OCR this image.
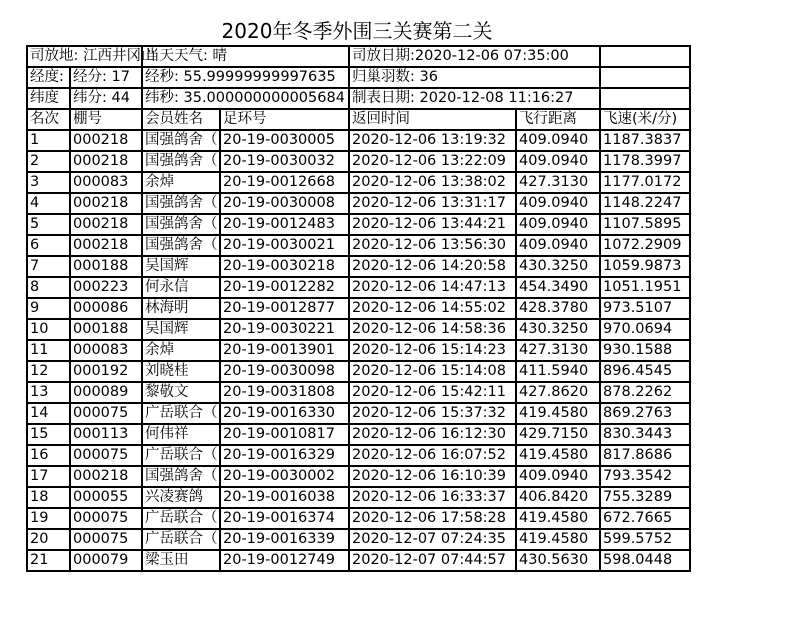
2020年冬季外围三关赛第二关
司放地: 江西井冈山		当天天气: 晴		司放日期:2020-12-06 07:35:00		
经度:	经分: 17	经秒: 55.99999999997635		归巢羽数: 36		
纬度	纬分: 44	纬秒: 35.000000000005684		制表日期: 2020-12-08 11:16:27		
名次	棚号	会员姓名	足环号	返回时间	飞行距离	飞速(米/分)
1	000218	国强鸽舍（	20-19-0030005	2020-12-06 13:19:32	409.0940	1187.3837
2	000218	国强鸽舍（	20-19-0030032	2020-12-06 13:22:09	409.0940	1178.3997
3	000083	余焯	20-19-0012668	2020-12-06 13:38:02	427.3130	1177.0172
4	000218	国强鸽舍（	20-19-0030008	2020-12-06 13:31:17	409.0940	1148.2247
5	000218	国强鸽舍（	20-19-0012483	2020-12-06 13:44:21	409.0940	1107.5895
6	000218	国强鸽舍（	20-19-0030021	2020-12-06 13:56:30	409.0940	1072.2909
7	000188	吴国辉	20-19-0030218	2020-12-06 14:20:58	430.3250	1059.9873
8	000223	何永信	20-19-0012282	2020-12-06 14:47:13	454.3490	1051.1951
9	000086	林海明	20-19-0012877	2020-12-06 14:55:02	428.3780	973.5107
10	000188	吴国辉	20-19-0030221	2020-12-06 14:58:36	430.3250	970.0694
11	000083	余焯	20-19-0013901	2020-12-06 15:14:23	427.3130	930.1588
12	000192	刘晓桂	20-19-0030098	2020-12-06 15:14:08	411.5940	896.4545
13	000089	黎敬文	20-19-0031808	2020-12-06 15:42:11	427.8620	878.2262
14	000075	广岳联合（	20-19-0016330	2020-12-06 15:37:32	419.4580	869.2763
15	000113	何伟祥	20-19-0010817	2020-12-06 16:12:30	429.7150	830.3443
16	000075	广岳联合（	20-19-0016329	2020-12-06 16:07:52	419.4580	817.8686
17	000218	国强鸽舍（	20-19-0030002	2020-12-06 16:10:39	409.0940	793.3542
18	000055	兴凌赛鸽	20-19-0016038	2020-12-06 16:33:37	406.8420	755.3289
19	000075	广岳联合（	20-19-0016374	2020-12-06 17:58:28	419.4580	672.7665
20	000075	广岳联合（	20-19-0016339	2020-12-07 07:24:35	419.4580	599.5752
21	000079	梁玉田	20-19-0012749	2020-12-07 07:44:57	430.5630	598.0448
